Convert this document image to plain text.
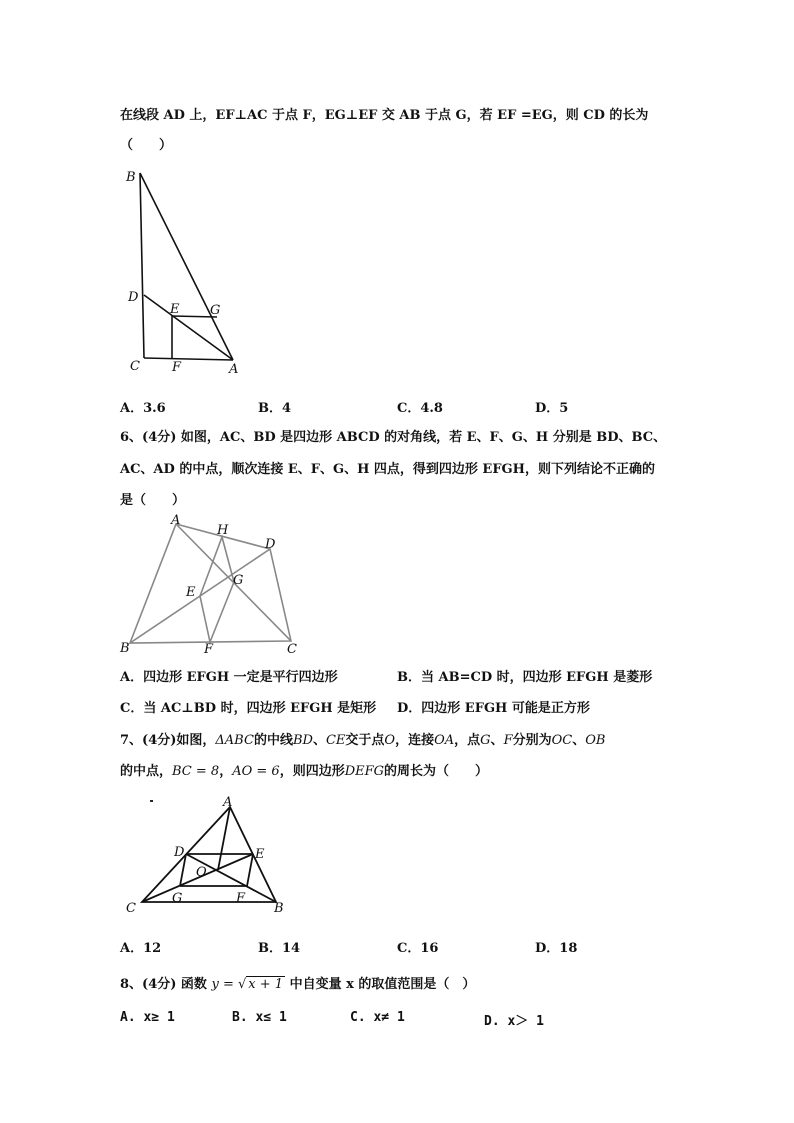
在线段 AD 上，EF⊥AC 于点 F，EG⊥EF 交 AB 于点 G，若 EF =EG，则 CD 的长为
（　　）
B
D
E G
C F	A
A．3.6	B．4	C．4.8	D．5
6、(4分) 如图，AC、BD 是四边形 ABCD 的对角线，若 E、F、G、H 分别是 BD、BC、
AC、AD 的中点，顺次连接 E、F、G、H 四点，得到四边形 EFGH，则下列结论不正确的
是（　　）
A
H
D
G
E
B	F	C
A．四边形 EFGH 一定是平行四边形	B．当 AB=CD 时，四边形 EFGH 是菱形
C．当 AC⊥BD 时，四边形 EFGH 是矩形 D．四边形 EFGH 可能是正方形
7、(4分)如图，ΔABC的中线BD、CE交于点O，连接OA，点G、F分别为OC、OB
的中点，BC = 8，AO = 6，则四边形DEFG的周长为（　　）
A
D	E
O
C
G	F
B
A．12	B．14	C．16	D．18
8、(4分) 函数 y = √ x + 1 中自变量 x 的取值范围是（　）
A. x≥ 1	B. x≤ 1	C. x≠ 1	D. x＞ 1
